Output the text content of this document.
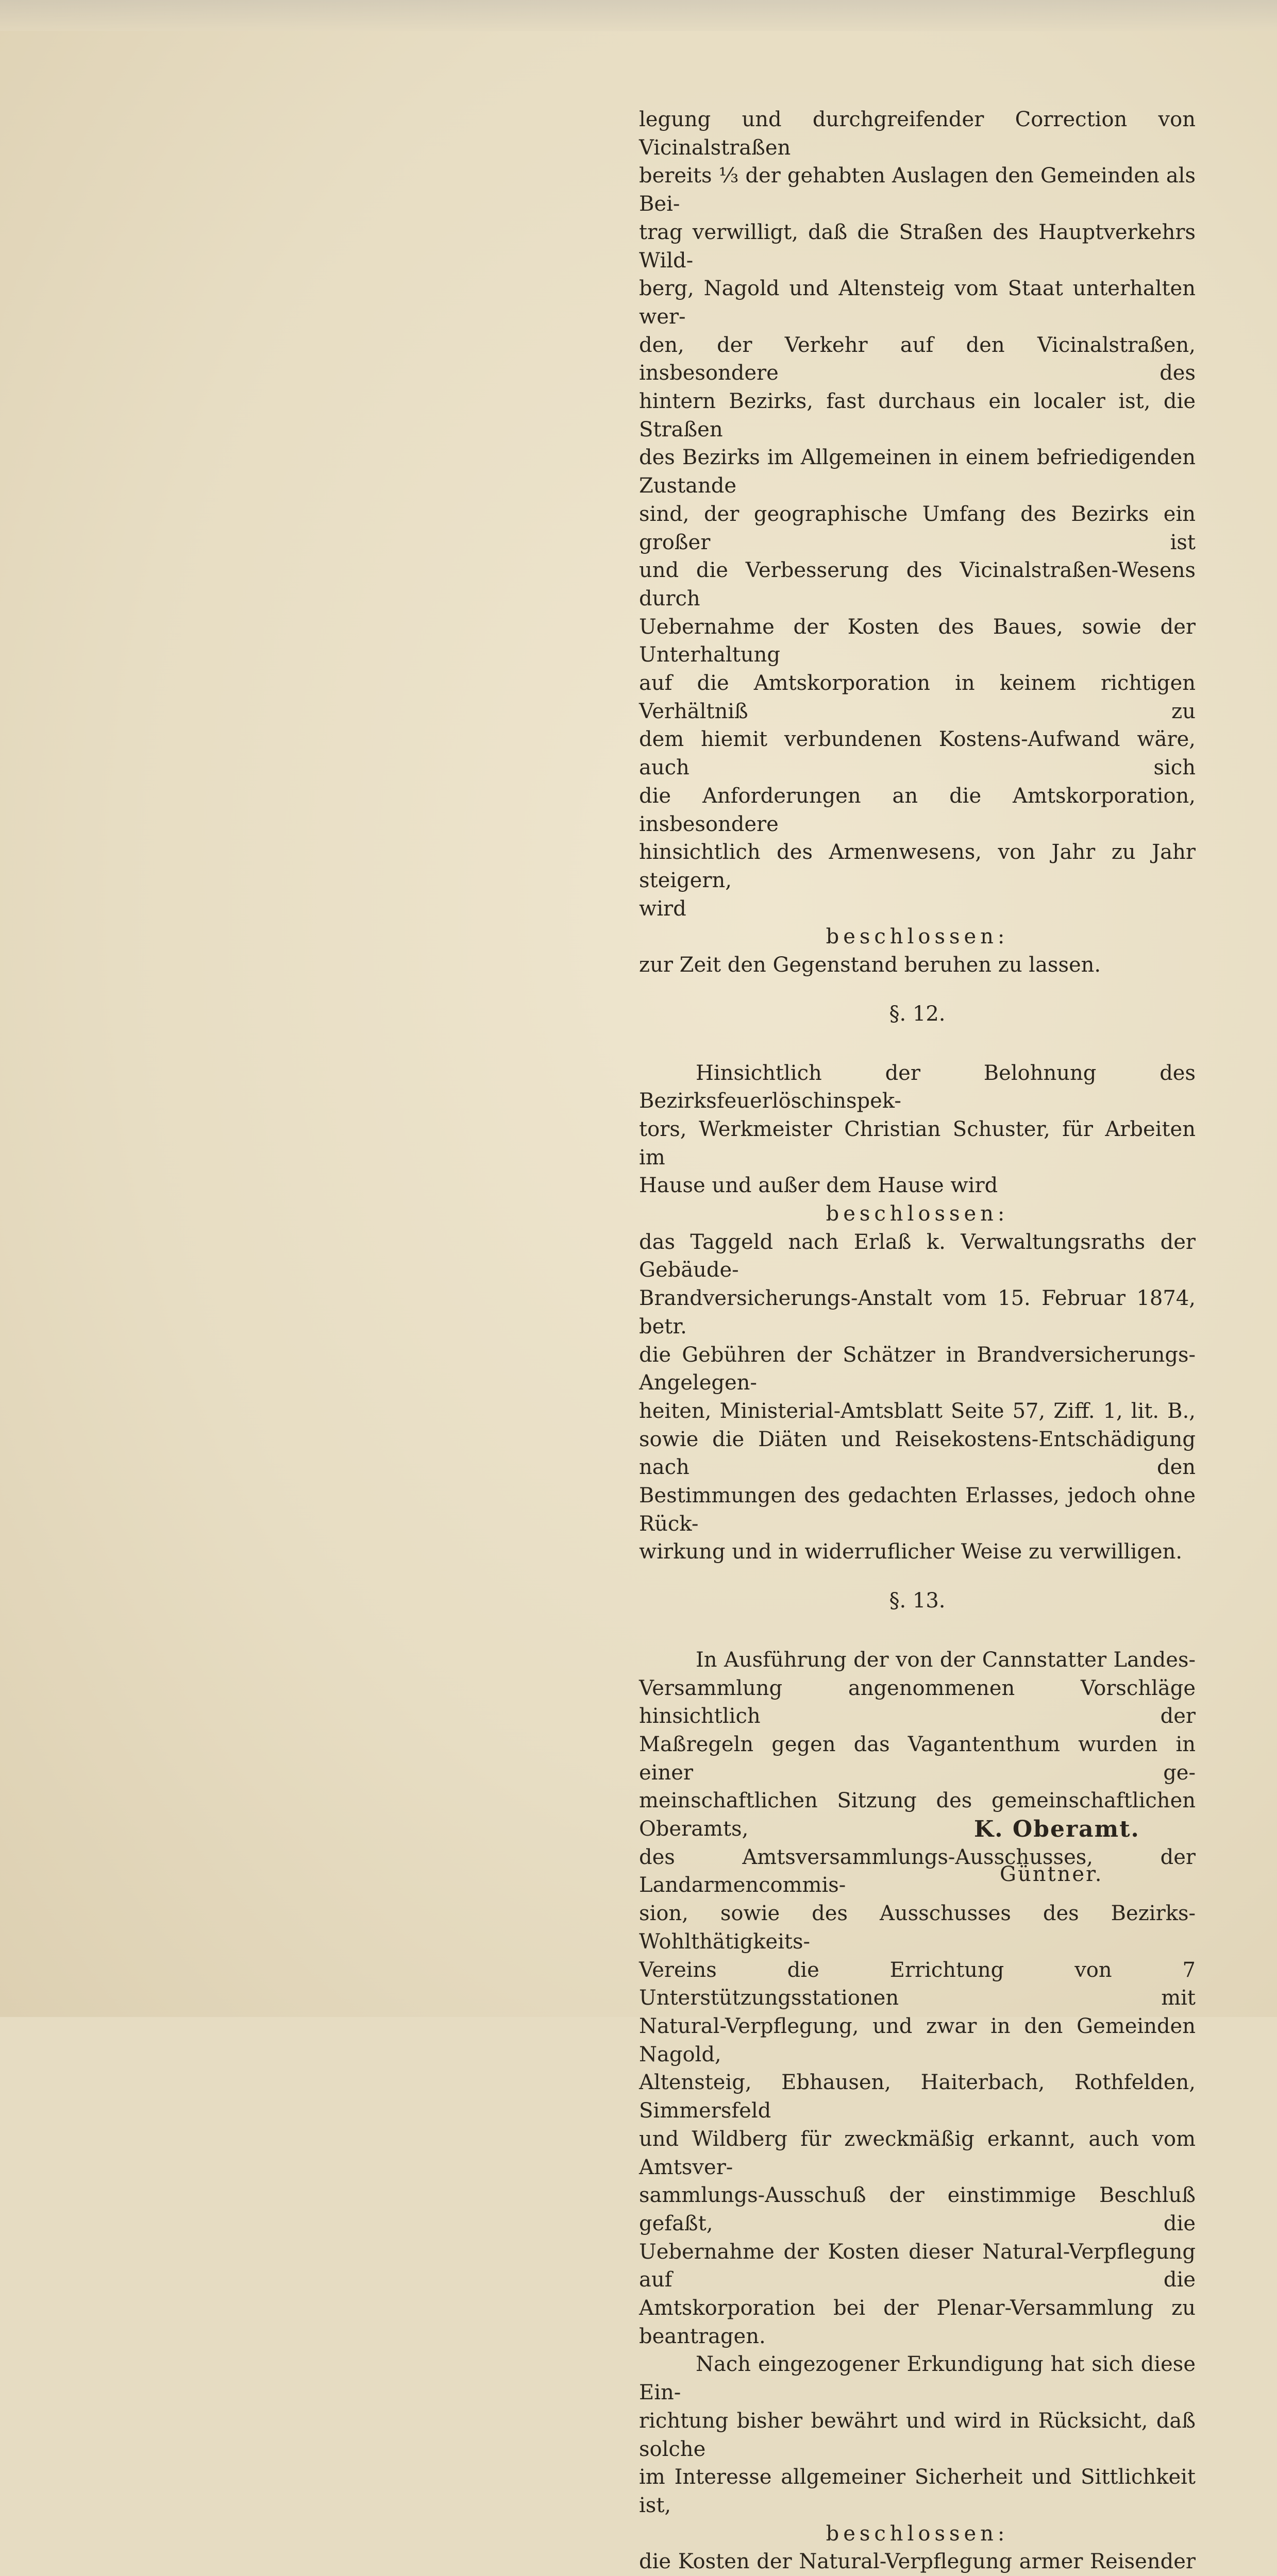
legung und durchgreifender Correction von Vicinalstraßen

bereits ⅓ der gehabten Auslagen den Gemeinden als Bei-

trag verwilligt, daß die Straßen des Hauptverkehrs Wild-

berg, Nagold und Altensteig vom Staat unterhalten wer-

den, der Verkehr auf den Vicinalstraßen, insbesondere des

hintern Bezirks, fast durchaus ein localer ist, die Straßen

des Bezirks im Allgemeinen in einem befriedigenden Zustande

sind, der geographische Umfang des Bezirks ein großer ist

und die Verbesserung des Vicinalstraßen-Wesens durch

Uebernahme der Kosten des Baues, sowie der Unterhaltung

auf die Amtskorporation in keinem richtigen Verhältniß zu

dem hiemit verbundenen Kostens-Aufwand wäre, auch sich

die Anforderungen an die Amtskorporation, insbesondere

hinsichtlich des Armenwesens, von Jahr zu Jahr steigern,

wird

beschlossen:

zur Zeit den Gegenstand beruhen zu lassen.

§. 12.

Hinsichtlich der Belohnung des Bezirksfeuerlöschinspek-

tors, Werkmeister Christian Schuster, für Arbeiten im

Hause und außer dem Hause wird

beschlossen:

das Taggeld nach Erlaß k. Verwaltungsraths der Gebäude-

Brandversicherungs-Anstalt vom 15. Februar 1874, betr.

die Gebühren der Schätzer in Brandversicherungs-Angelegen-

heiten, Ministerial-Amtsblatt Seite 57, Ziff. 1, lit. B.,

sowie die Diäten und Reisekostens-Entschädigung nach den

Bestimmungen des gedachten Erlasses, jedoch ohne Rück-

wirkung und in widerruflicher Weise zu verwilligen.

§. 13.

In Ausführung der von der Cannstatter Landes-

Versammlung angenommenen Vorschläge hinsichtlich der

Maßregeln gegen das Vagantenthum wurden in einer ge-

meinschaftlichen Sitzung des gemeinschaftlichen Oberamts,

des Amtsversammlungs-Ausschusses, der Landarmencommis-

sion, sowie des Ausschusses des Bezirks-Wohlthätigkeits-

Vereins die Errichtung von 7 Unterstützungsstationen mit

Natural-Verpflegung, und zwar in den Gemeinden Nagold,

Altensteig, Ebhausen, Haiterbach, Rothfelden, Simmersfeld

und Wildberg für zweckmäßig erkannt, auch vom Amtsver-

sammlungs-Ausschuß der einstimmige Beschluß gefaßt, die

Uebernahme der Kosten dieser Natural-Verpflegung auf die

Amtskorporation bei der Plenar-Versammlung zu beantragen.

Nach eingezogener Erkundigung hat sich diese Ein-

richtung bisher bewährt und wird in Rücksicht, daß solche

im Interesse allgemeiner Sicherheit und Sittlichkeit ist,

beschlossen:

die Kosten der Natural-Verpflegung armer Reisender

K. Oberamt.
Güntner.
